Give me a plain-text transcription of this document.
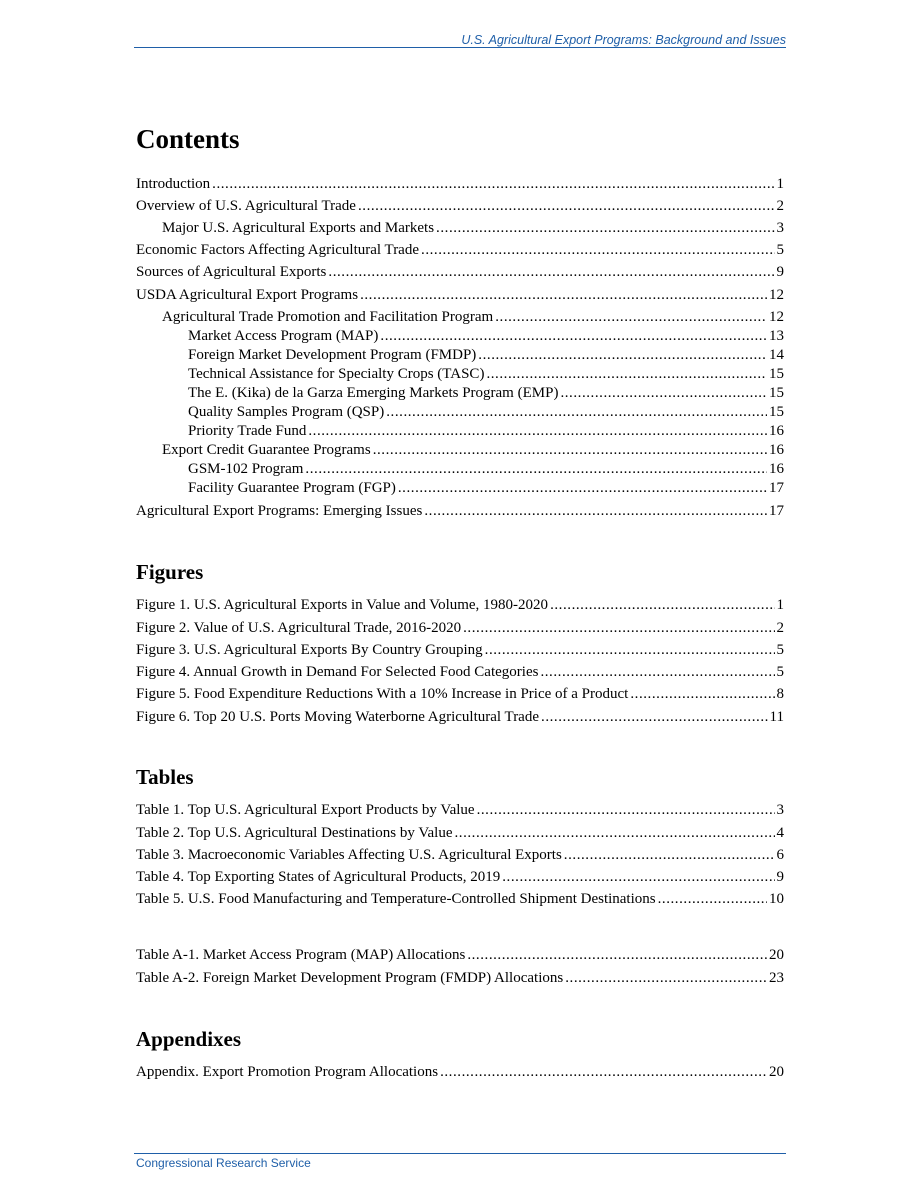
U.S. Agricultural Export Programs: Background and Issues
Contents
Introduction . . .	1
Overview of U.S. Agricultural Trade . . .	2
Major U.S. Agricultural Exports and Markets . . .	3
Economic Factors Affecting Agricultural Trade . . .	5
Sources of Agricultural Exports . . .	9
USDA Agricultural Export Programs . . .	12
Agricultural Trade Promotion and Facilitation Program . . .	12
Market Access Program (MAP) . . .	13
Foreign Market Development Program (FMDP) . . .	14
Technical Assistance for Specialty Crops (TASC) . . .	15
The E. (Kika) de la Garza Emerging Markets Program (EMP) . . .	15
Quality Samples Program (QSP) . . .	15
Priority Trade Fund . . .	16
Export Credit Guarantee Programs . . .	16
GSM-102 Program . . .	16
Facility Guarantee Program (FGP) . . .	17
Agricultural Export Programs: Emerging Issues . . .	17
Figures
Figure 1. U.S. Agricultural Exports in Value and Volume, 1980-2020 . . .	1
Figure 2. Value of U.S. Agricultural Trade, 2016-2020 . . .	2
Figure 3. U.S. Agricultural Exports By Country Grouping . . .	5
Figure 4. Annual Growth in Demand For Selected Food Categories . . .	5
Figure 5. Food Expenditure Reductions With a 10% Increase in Price of a Product . . .	8
Figure 6. Top 20 U.S. Ports Moving Waterborne Agricultural Trade . . .	11
Tables
Table 1. Top U.S. Agricultural Export Products by Value . . .	3
Table 2. Top U.S. Agricultural Destinations by Value . . .	4
Table 3. Macroeconomic Variables Affecting U.S. Agricultural Exports . . .	6
Table 4. Top Exporting States of Agricultural Products, 2019 . . .	9
Table 5. U.S. Food Manufacturing and Temperature-Controlled Shipment Destinations . . .	10
Table A-1. Market Access Program (MAP) Allocations . . .	20
Table A-2. Foreign Market Development Program (FMDP) Allocations . . .	23
Appendixes
Appendix. Export Promotion Program Allocations . . .	20
Congressional Research Service
